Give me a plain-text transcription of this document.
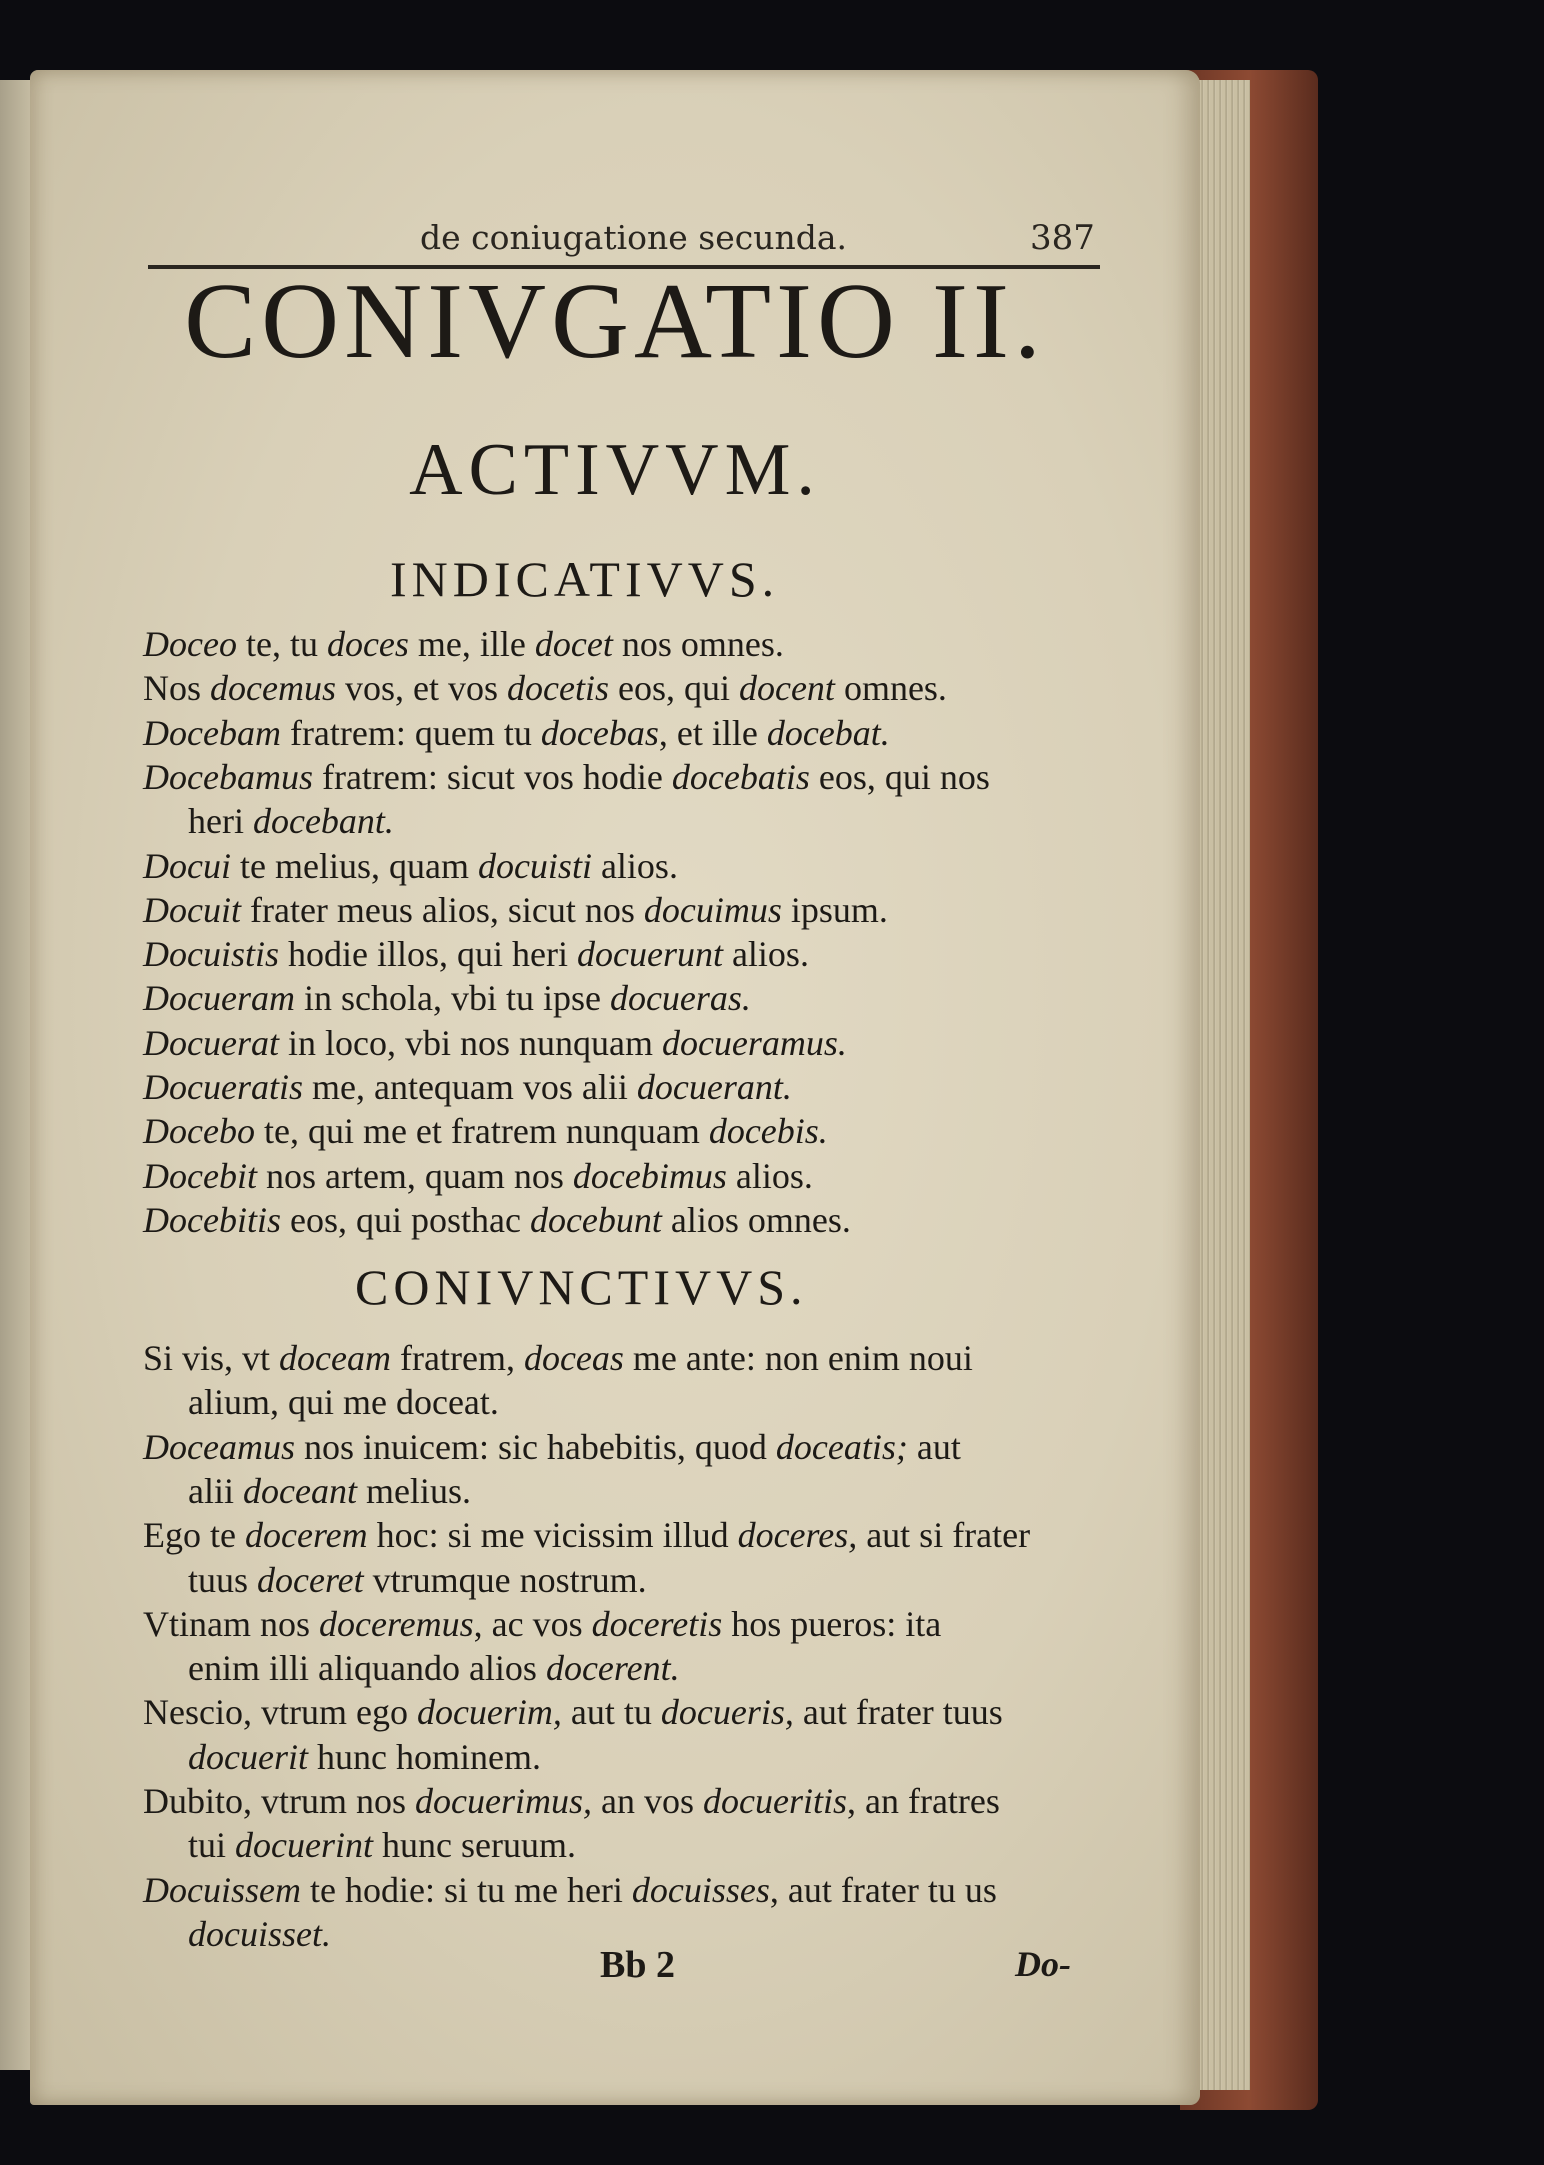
de coniugatione secunda.	387
CONIVGATIO II.
ACTIVVM.
INDICATIVVS.
Doceo te, tu doces me, ille docet nos omnes.
Nos docemus vos, et vos docetis eos, qui docent omnes.
Docebam fratrem: quem tu docebas, et ille docebat.
Docebamus fratrem: sicut vos hodie docebatis eos, qui nos
heri docebant.
Docui te melius, quam docuisti alios.
Docuit frater meus alios, sicut nos docuimus ipsum.
Docuistis hodie illos, qui heri docuerunt alios.
Docueram in schola, vbi tu ipse docueras.
Docuerat in loco, vbi nos nunquam docueramus.
Docueratis me, antequam vos alii docuerant.
Docebo te, qui me et fratrem nunquam docebis.
Docebit nos artem, quam nos docebimus alios.
Docebitis eos, qui posthac docebunt alios omnes.
CONIVNCTIVVS.
Si vis, vt doceam fratrem, doceas me ante: non enim noui
alium, qui me doceat.
Doceamus nos inuicem: sic habebitis, quod doceatis; aut
alii doceant melius.
Ego te docerem hoc: si me vicissim illud doceres, aut si frater
tuus doceret vtrumque nostrum.
Vtinam nos doceremus, ac vos doceretis hos pueros: ita
enim illi aliquando alios docerent.
Nescio, vtrum ego docuerim, aut tu docueris, aut frater tuus
docuerit hunc hominem.
Dubito, vtrum nos docuerimus, an vos docueritis, an fratres
tui docuerint hunc seruum.
Docuissem te hodie: si tu me heri docuisses, aut frater tu us
docuisset.
Bb 2	Do-
